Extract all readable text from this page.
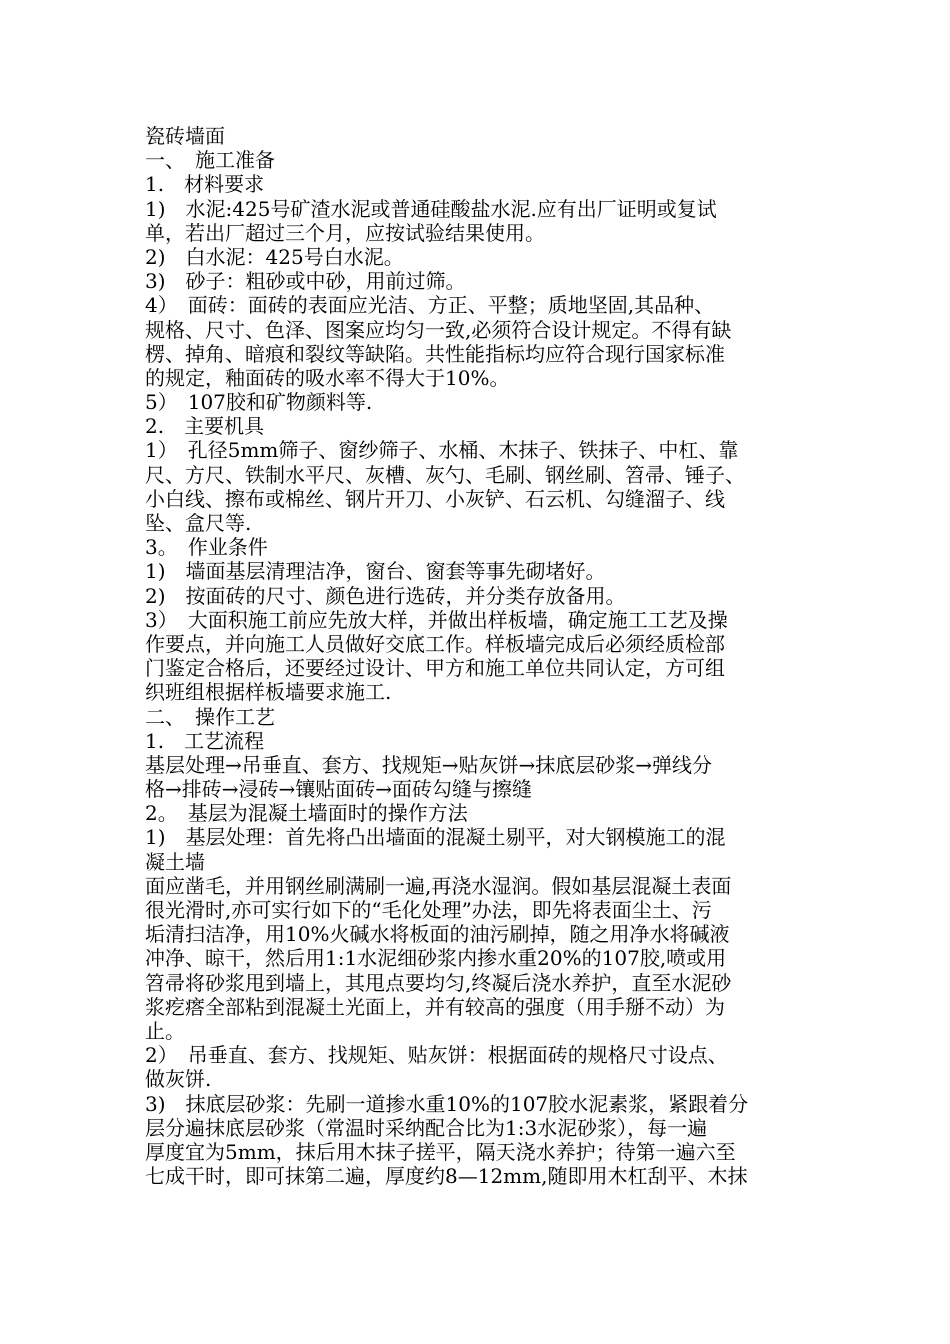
瓷砖墙面
一、　施工准备
1.　材料要求
1)　水泥:425号矿渣水泥或普通硅酸盐水泥.应有出厂证明或复试
单，若出厂超过三个月，应按试验结果使用。
2)　白水泥：425号白水泥。
3)　砂子：粗砂或中砂，用前过筛。
4）　面砖：面砖的表面应光洁、方正、平整；质地坚固,其品种、
规格、尺寸、色泽、图案应均匀一致,必须符合设计规定。不得有缺
楞、掉角、暗痕和裂纹等缺陷。共性能指标均应符合现行国家标准
的规定，釉面砖的吸水率不得大于10%。
5）　107胶和矿物颜料等.
2.　主要机具
1）　孔径5mm筛子、窗纱筛子、水桶、木抹子、铁抹子、中杠、靠
尺、方尺、铁制水平尺、灰槽、灰勺、毛刷、钢丝刷、笤帚、锤子、
小白线、擦布或棉丝、钢片开刀、小灰铲、石云机、勾缝溜子、线
坠、盒尺等.
3。　作业条件
1)　墙面基层清理洁净，窗台、窗套等事先砌堵好。
2)　按面砖的尺寸、颜色进行选砖，并分类存放备用。
3）　大面积施工前应先放大样，并做出样板墙，确定施工工艺及操
作要点，并向施工人员做好交底工作。样板墙完成后必须经质检部
门鉴定合格后，还要经过设计、甲方和施工单位共同认定，方可组
织班组根据样板墙要求施工.
二、　操作工艺
1.　工艺流程
基层处理→吊垂直、套方、找规矩→贴灰饼→抹底层砂浆→弹线分
格→排砖→浸砖→镶贴面砖→面砖勾缝与擦缝
2。　基层为混凝土墙面时的操作方法
1)　基层处理：首先将凸出墙面的混凝土剔平，对大钢模施工的混
凝土墙
面应凿毛，并用钢丝刷满刷一遍,再浇水湿润。假如基层混凝土表面
很光滑时,亦可实行如下的“毛化处理”办法，即先将表面尘土、污
垢清扫洁净，用10%火碱水将板面的油污刷掉，随之用净水将碱液
冲净、晾干，然后用1:1水泥细砂浆内掺水重20%的107胶,喷或用
笤帚将砂浆甩到墙上，其甩点要均匀,终凝后浇水养护，直至水泥砂
浆疙瘩全部粘到混凝土光面上，并有较高的强度（用手掰不动）为
止。
2）　吊垂直、套方、找规矩、贴灰饼：根据面砖的规格尺寸设点、
做灰饼.
3)　抹底层砂浆：先刷一道掺水重10%的107胶水泥素浆，紧跟着分
层分遍抹底层砂浆（常温时采纳配合比为1:3水泥砂浆），每一遍
厚度宜为5mm，抹后用木抹子搓平，隔天浇水养护；待第一遍六至
七成干时，即可抹第二遍，厚度约8—12mm,随即用木杠刮平、木抹
